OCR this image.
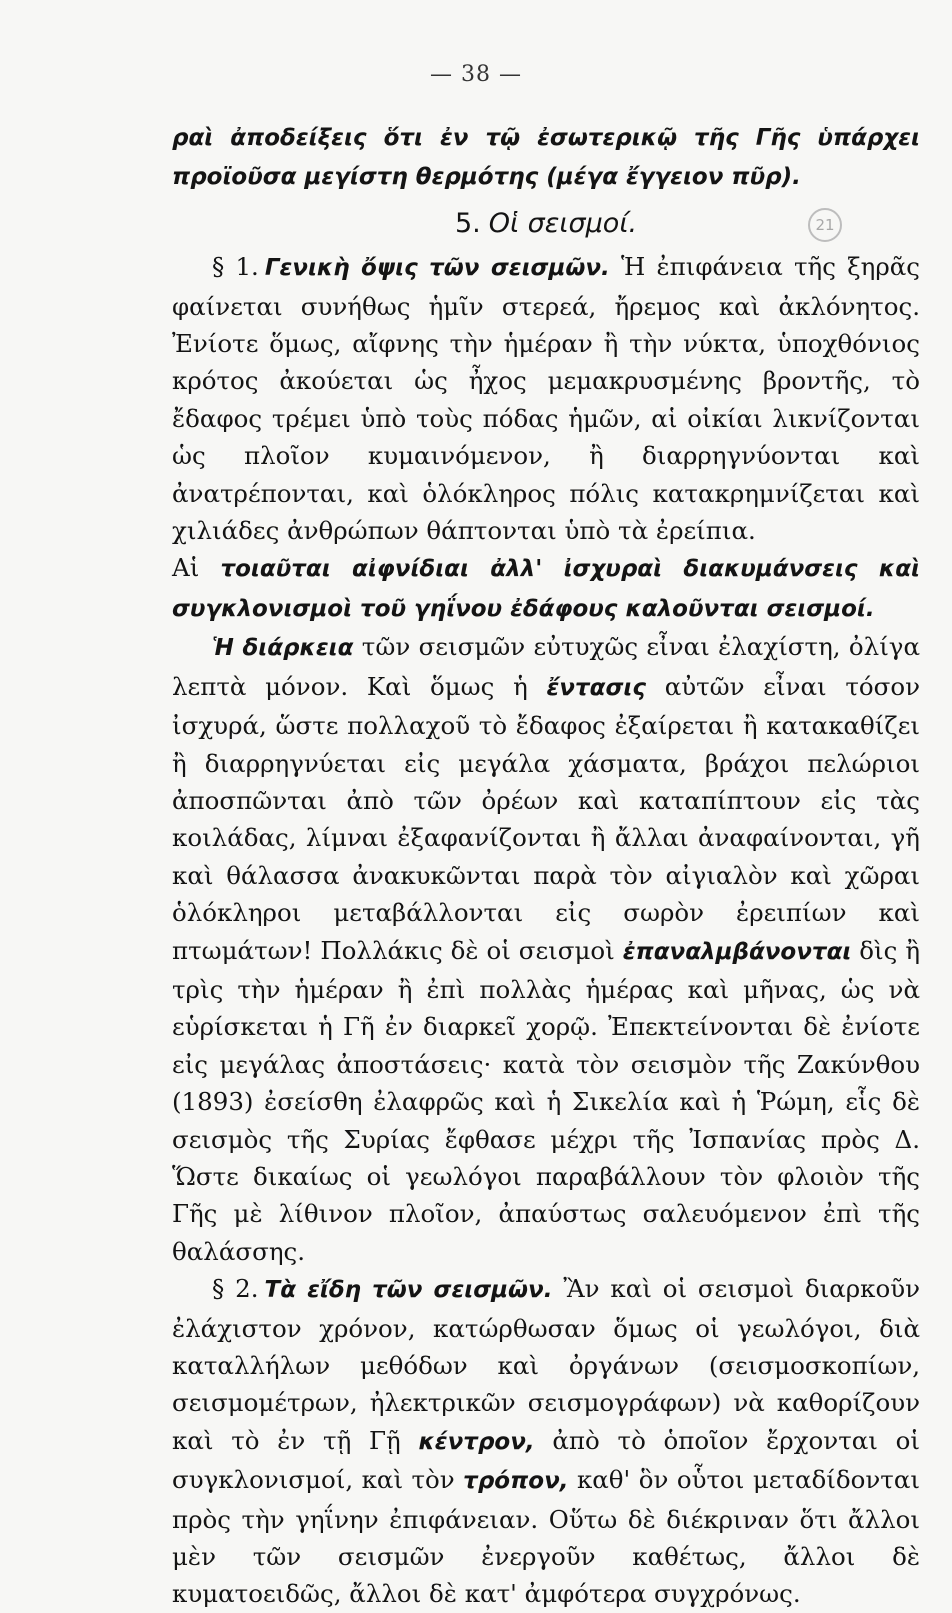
— 38 —
21

ραὶ ἀποδείξεις ὅτι ἐν τῷ ἐσωτερικῷ τῆς Γῆς ὑπάρχει προϊοῦσα μεγίστη θερμότης (μέγα ἔγγειον πῦρ).

5. Οἱ σεισμοί.

§ 1. Γενικὴ ὄψις τῶν σεισμῶν. Ἡ ἐπιφάνεια τῆς ξηρᾶς φαίνεται συνήθως ἡμῖν στερεά, ἤρεμος καὶ ἀκλόνητος. Ἐνίοτε ὅμως, αἴφνης τὴν ἡμέραν ἢ τὴν νύκτα, ὑποχθόνιος κρότος ἀκούεται ὡς ἦχος μεμακρυσμένης βροντῆς, τὸ ἔδαφος τρέμει ὑπὸ τοὺς πόδας ἡμῶν, αἱ οἰκίαι λικνίζονται ὡς πλοῖον κυμαινόμενον, ἢ διαρρηγνύονται καὶ ἀνατρέπονται, καὶ ὁλόκληρος πόλις κατακρημνίζεται καὶ χιλιάδες ἀνθρώπων θάπτονται ὑπὸ τὰ ἐρείπια.

Αἱ τοιαῦται αἰφνίδιαι ἀλλ' ἰσχυραὶ διακυμάνσεις καὶ συγκλονισμοὶ τοῦ γηΐνου ἐδάφους καλοῦνται σεισμοί.

Ἡ διάρκεια τῶν σεισμῶν εὐτυχῶς εἶναι ἐλαχίστη, ὀλίγα λεπτὰ μόνον. Καὶ ὅμως ἡ ἔντασις αὐτῶν εἶναι τόσον ἰσχυρά, ὥστε πολλαχοῦ τὸ ἔδαφος ἐξαίρεται ἢ κατακαθίζει ἢ διαρρηγνύεται εἰς μεγάλα χάσματα, βράχοι πελώριοι ἀποσπῶνται ἀπὸ τῶν ὀρέων καὶ καταπίπτουν εἰς τὰς κοιλάδας, λίμναι ἐξαφανίζονται ἢ ἄλλαι ἀναφαίνονται, γῆ καὶ θάλασσα ἀνακυκῶνται παρὰ τὸν αἰγιαλὸν καὶ χῶραι ὁλόκληροι μεταβάλλονται εἰς σωρὸν ἐρειπίων καὶ πτωμάτων! Πολλάκις δὲ οἱ σεισμοὶ ἐπαναλμβάνονται δὶς ἢ τρὶς τὴν ἡμέραν ἢ ἐπὶ πολλὰς ἡμέρας καὶ μῆνας, ὡς νὰ εὑρίσκεται ἡ Γῆ ἐν διαρκεῖ χορῷ. Ἐπεκτείνονται δὲ ἐνίοτε εἰς μεγάλας ἀποστάσεις· κατὰ τὸν σεισμὸν τῆς Ζακύνθου (1893) ἐσείσθη ἐλαφρῶς καὶ ἡ Σικελία καὶ ἡ Ῥώμη, εἷς δὲ σεισμὸς τῆς Συρίας ἔφθασε μέχρι τῆς Ἰσπανίας πρὸς Δ. Ὥστε δικαίως οἱ γεωλόγοι παραβάλλουν τὸν φλοιὸν τῆς Γῆς μὲ λίθινον πλοῖον, ἀπαύστως σαλευόμενον ἐπὶ τῆς θαλάσσης.

§ 2. Τὰ εἴδη τῶν σεισμῶν. Ἂν καὶ οἱ σεισμοὶ διαρκοῦν ἐλάχιστον χρόνον, κατώρθωσαν ὅμως οἱ γεωλόγοι, διὰ καταλλήλων μεθόδων καὶ ὀργάνων (σεισμοσκοπίων, σεισμομέτρων, ἠλεκτρικῶν σεισμογράφων) νὰ καθορίζουν καὶ τὸ ἐν τῇ Γῇ κέντρον, ἀπὸ τὸ ὁποῖον ἔρχονται οἱ συγκλονισμοί, καὶ τὸν τρόπον, καθ' ὃν οὗτοι μεταδίδονται πρὸς τὴν γηΐνην ἐπιφάνειαν. Οὕτω δὲ διέκριναν ὅτι ἄλλοι μὲν τῶν σεισμῶν ἐνεργοῦν καθέτως, ἄλλοι δὲ κυματοειδῶς, ἄλλοι δὲ κατ' ἀμφότερα συγχρόνως.
